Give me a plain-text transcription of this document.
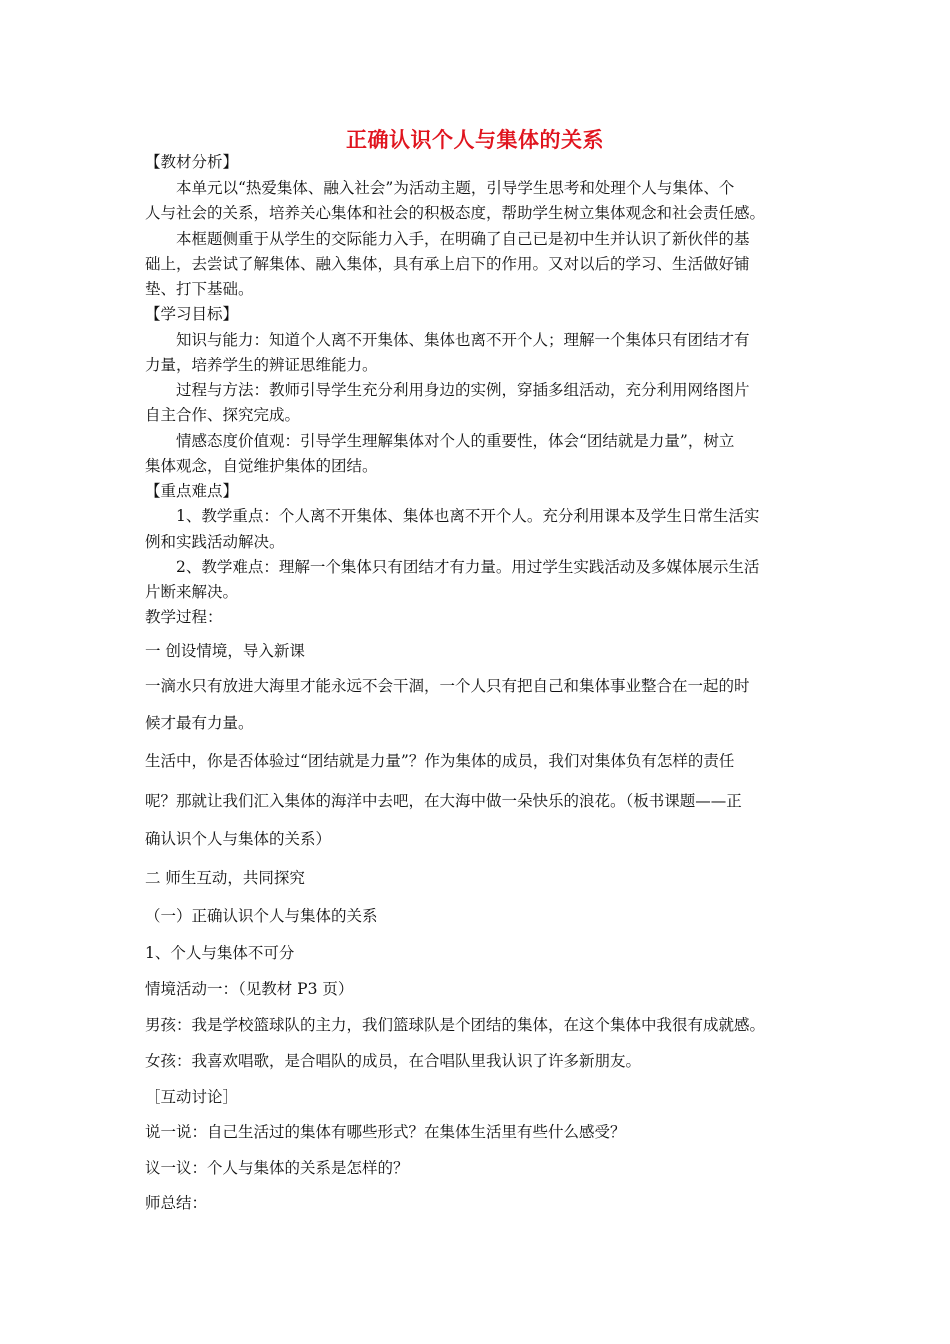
正确认识个人与集体的关系
【教材分析】
本单元以“热爱集体、融入社会”为活动主题，引导学生思考和处理个人与集体、个
人与社会的关系，培养关心集体和社会的积极态度，帮助学生树立集体观念和社会责任感。
本框题侧重于从学生的交际能力入手，在明确了自己已是初中生并认识了新伙伴的基
础上，去尝试了解集体、融入集体，具有承上启下的作用。又对以后的学习、生活做好铺
垫、打下基础。
【学习目标】
知识与能力：知道个人离不开集体、集体也离不开个人；理解一个集体只有团结才有
力量，培养学生的辨证思维能力。
过程与方法：教师引导学生充分利用身边的实例，穿插多组活动，充分利用网络图片
自主合作、探究完成。
情感态度价值观：引导学生理解集体对个人的重要性，体会“团结就是力量”，树立
集体观念，自觉维护集体的团结。
【重点难点】
1、教学重点：个人离不开集体、集体也离不开个人。充分利用课本及学生日常生活实
例和实践活动解决。
2、教学难点：理解一个集体只有团结才有力量。用过学生实践活动及多媒体展示生活
片断来解决。
教学过程：
一 创设情境，导入新课
一滴水只有放进大海里才能永远不会干涸，一个人只有把自己和集体事业整合在一起的时
候才最有力量。
生活中，你是否体验过“团结就是力量”？作为集体的成员，我们对集体负有怎样的责任
呢？那就让我们汇入集体的海洋中去吧，在大海中做一朵快乐的浪花。（板书课题——正
确认识个人与集体的关系）
二 师生互动，共同探究
（一）正确认识个人与集体的关系
1、个人与集体不可分
情境活动一：（见教材 P3 页）
男孩：我是学校篮球队的主力，我们篮球队是个团结的集体，在这个集体中我很有成就感。
女孩：我喜欢唱歌，是合唱队的成员，在合唱队里我认识了许多新朋友。
［互动讨论］
说一说：自己生活过的集体有哪些形式？在集体生活里有些什么感受？
议一议：个人与集体的关系是怎样的？
师总结：
